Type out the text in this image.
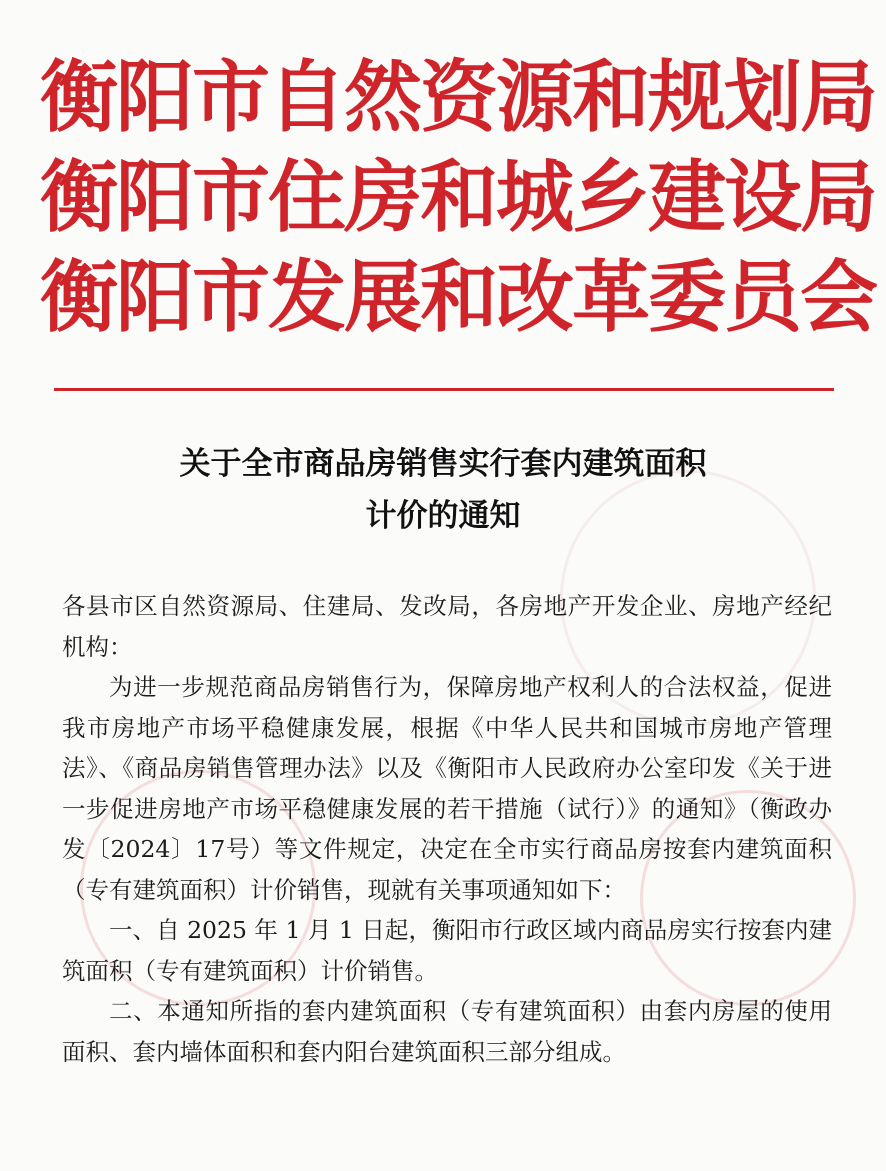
衡阳市自然资源和规划局
衡阳市住房和城乡建设局
衡阳市发展和改革委员会
关于全市商品房销售实行套内建筑面积
计价的通知

各县市区自然资源局、住建局、发改局，各房地产开发企业、房地产经纪机构：

为进一步规范商品房销售行为，保障房地产权利人的合法权益，促进我市房地产市场平稳健康发展，根据《中华人民共和国城市房地产管理法》、《商品房销售管理办法》以及《衡阳市人民政府办公室印发《关于进一步促进房地产市场平稳健康发展的若干措施（试行）》的通知》（衡政办发〔2024〕17号）等文件规定，决定在全市实行商品房按套内建筑面积（专有建筑面积）计价销售，现就有关事项通知如下：

一、自 2025 年 1 月 1 日起，衡阳市行政区域内商品房实行按套内建筑面积（专有建筑面积）计价销售。

二、本通知所指的套内建筑面积（专有建筑面积）由套内房屋的使用面积、套内墙体面积和套内阳台建筑面积三部分组成。
